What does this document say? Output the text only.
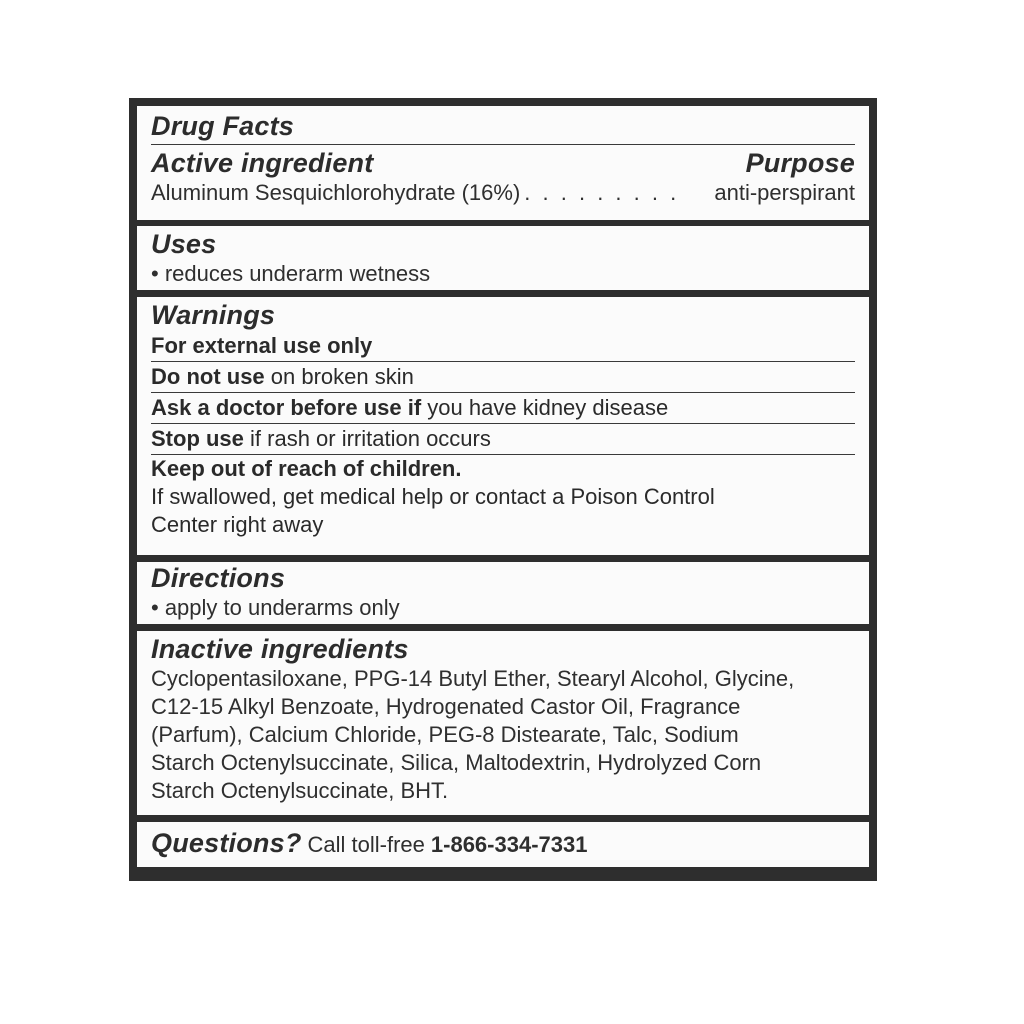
Drug Facts
Active ingredient	Purpose
Aluminum Sesquichlorohydrate (16%) . . . . . . . . .	anti-perspirant
Uses
• reduces underarm wetness
Warnings
For external use only
Do not use on broken skin
Ask a doctor before use if you have kidney disease
Stop use if rash or irritation occurs
Keep out of reach of children.
If swallowed, get medical help or contact a Poison Control
Center right away
Directions
• apply to underarms only
Inactive ingredients
Cyclopentasiloxane, PPG-14 Butyl Ether, Stearyl Alcohol, Glycine,
C12-15 Alkyl Benzoate, Hydrogenated Castor Oil, Fragrance
(Parfum), Calcium Chloride, PEG-8 Distearate, Talc, Sodium
Starch Octenylsuccinate, Silica, Maltodextrin, Hydrolyzed Corn
Starch Octenylsuccinate, BHT.
Questions? Call toll-free 1-866-334-7331
